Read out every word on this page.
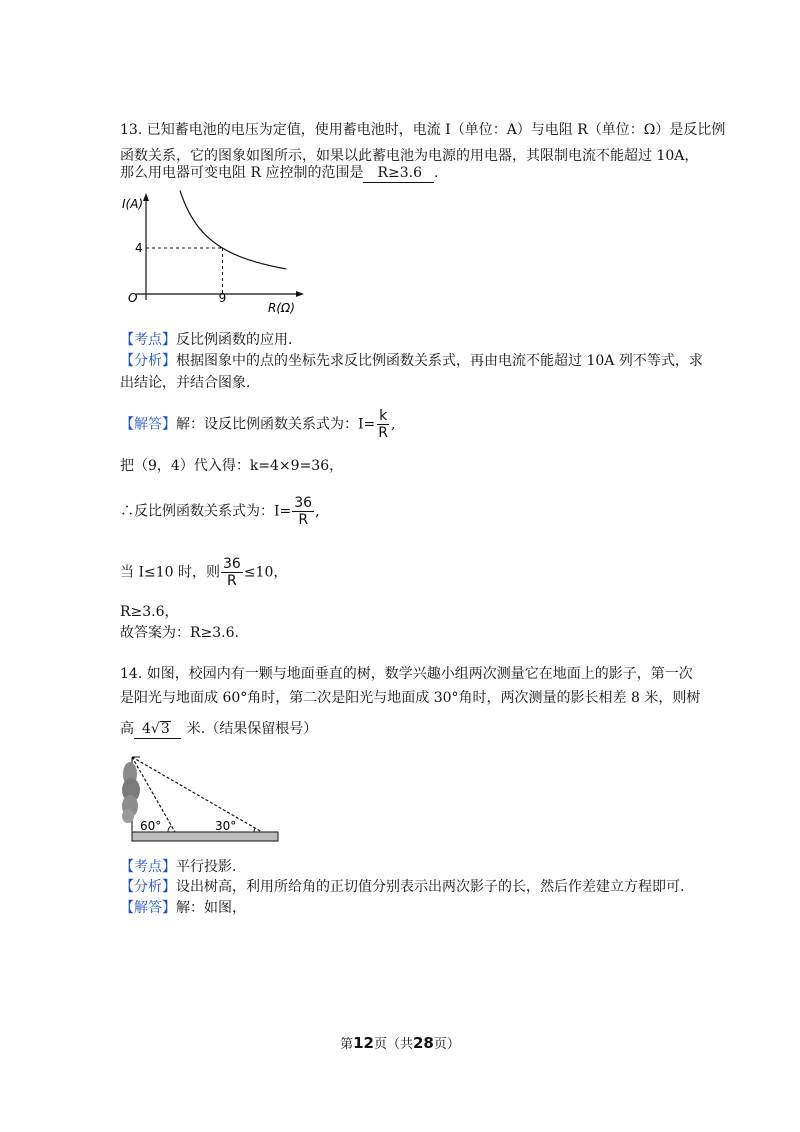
13. 已知蓄电池的电压为定值，使用蓄电池时，电流 I（单位：A）与电阻 R（单位：Ω）是反比例
函数关系，它的图象如图所示，如果以此蓄电池为电源的用电器，其限制电流不能超过 10A，
那么用电器可变电阻 R 应控制的范围是 R≥3.6 .
I(A)
R(Ω)
O	9
4
【考点】反比例函数的应用.
【分析】根据图象中的点的坐标先求反比例函数关系式，再由电流不能超过 10A 列不等式，求
出结论，并结合图象.
【解答】解：设反比例函数关系式为：$I= \frac{k}{R}$ ,
把（9，4）代入得：k=4×9=36，
∴反比例函数关系式为：$I= \frac{36}{R}$ ,
当 I≤10 时，则 $\frac{36}{R} \le 10$，
R≥3.6，
故答案为：R≥3.6.
14. 如图，校园内有一颗与地面垂直的树，数学兴趣小组两次测量它在地面上的影子，第一次
是阳光与地面成 60°角时，第二次是阳光与地面成 30°角时，两次测量的影长相差 8 米，则树
高 4√3 米.（结果保留根号）
60°	30°
【考点】平行投影.
【分析】设出树高，利用所给角的正切值分别表示出两次影子的长，然后作差建立方程即可.
【解答】解：如图，
第12页（共28页）
